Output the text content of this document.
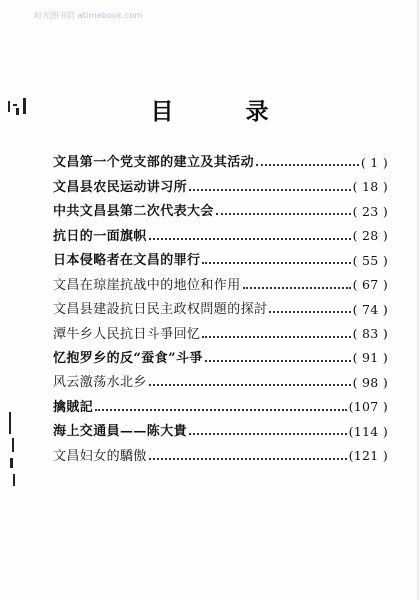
时光图书馆 atimebook.com
目 录
文昌第一个党支部的建立及其活动	( 1 )
文昌县农民运动讲习所	( 18 )
中共文昌县第二次代表大会	( 23 )
抗日的一面旗帜	( 28 )
日本侵略者在文昌的罪行	( 55 )
文昌在琼崖抗战中的地位和作用	( 67 )
文昌县建設抗日民主政权問題的探討	( 74 )
潭牛乡人民抗日斗爭回忆	( 83 )
忆抱罗乡的反“蚕食”斗爭	( 91 )
风云激荡水北乡	( 98 )
擒賊記	(107 )
海上交通員——陈大貴	(114 )
文昌妇女的驕傲	(121 )
